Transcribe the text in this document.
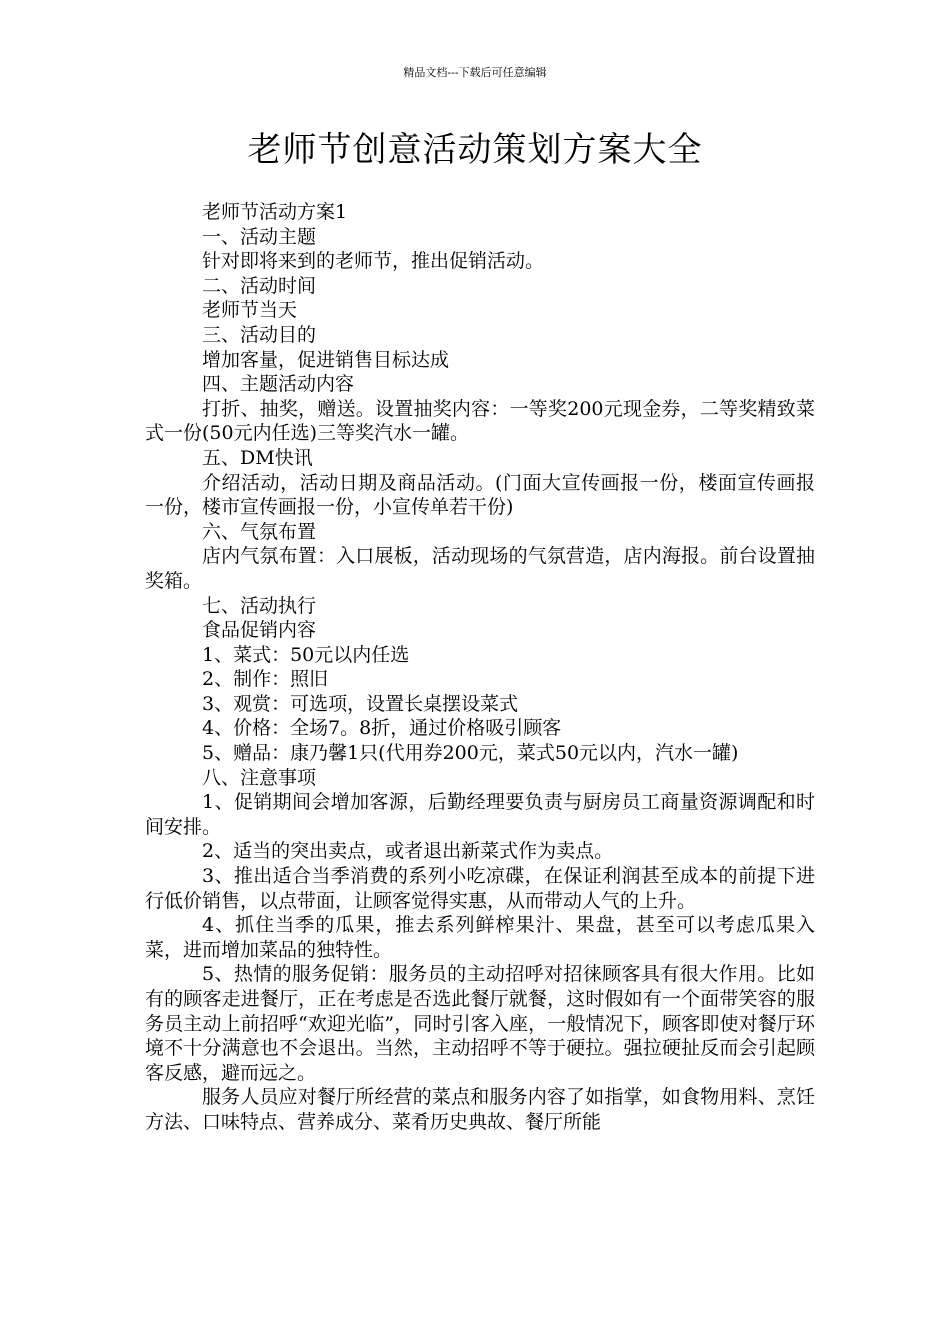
精品文档---下载后可任意编辑
老师节创意活动策划方案大全

老师节活动方案1

一、活动主题

针对即将来到的老师节，推出促销活动。

二、活动时间

老师节当天

三、活动目的

增加客量，促进销售目标达成

四、主题活动内容

打折、抽奖，赠送。设置抽奖内容：一等奖200元现金券，二等奖精致菜式一份(50元内任选)三等奖汽水一罐。

五、DM快讯

介绍活动，活动日期及商品活动。(门面大宣传画报一份，楼面宣传画报一份，楼市宣传画报一份，小宣传单若干份)

六、气氛布置

店内气氛布置：入口展板，活动现场的气氛营造，店内海报。前台设置抽奖箱。

七、活动执行

食品促销内容

1、菜式：50元以内任选

2、制作：照旧

3、观赏：可选项，设置长桌摆设菜式

4、价格：全场7。8折，通过价格吸引顾客

5、赠品：康乃馨1只(代用券200元，菜式50元以内，汽水一罐)

八、注意事项

1、促销期间会增加客源，后勤经理要负责与厨房员工商量资源调配和时间安排。

2、适当的突出卖点，或者退出新菜式作为卖点。

3、推出适合当季消费的系列小吃凉碟，在保证利润甚至成本的前提下进行低价销售，以点带面，让顾客觉得实惠，从而带动人气的上升。

4、抓住当季的瓜果，推去系列鲜榨果汁、果盘，甚至可以考虑瓜果入菜，进而增加菜品的独特性。

5、热情的服务促销：服务员的主动招呼对招徕顾客具有很大作用。比如有的顾客走进餐厅，正在考虑是否选此餐厅就餐，这时假如有一个面带笑容的服务员主动上前招呼“欢迎光临”，同时引客入座，一般情况下，顾客即使对餐厅环境不十分满意也不会退出。当然，主动招呼不等于硬拉。强拉硬扯反而会引起顾客反感，避而远之。

服务人员应对餐厅所经营的菜点和服务内容了如指掌，如食物用料、烹饪方法、口味特点、营养成分、菜肴历史典故、餐厅所能
